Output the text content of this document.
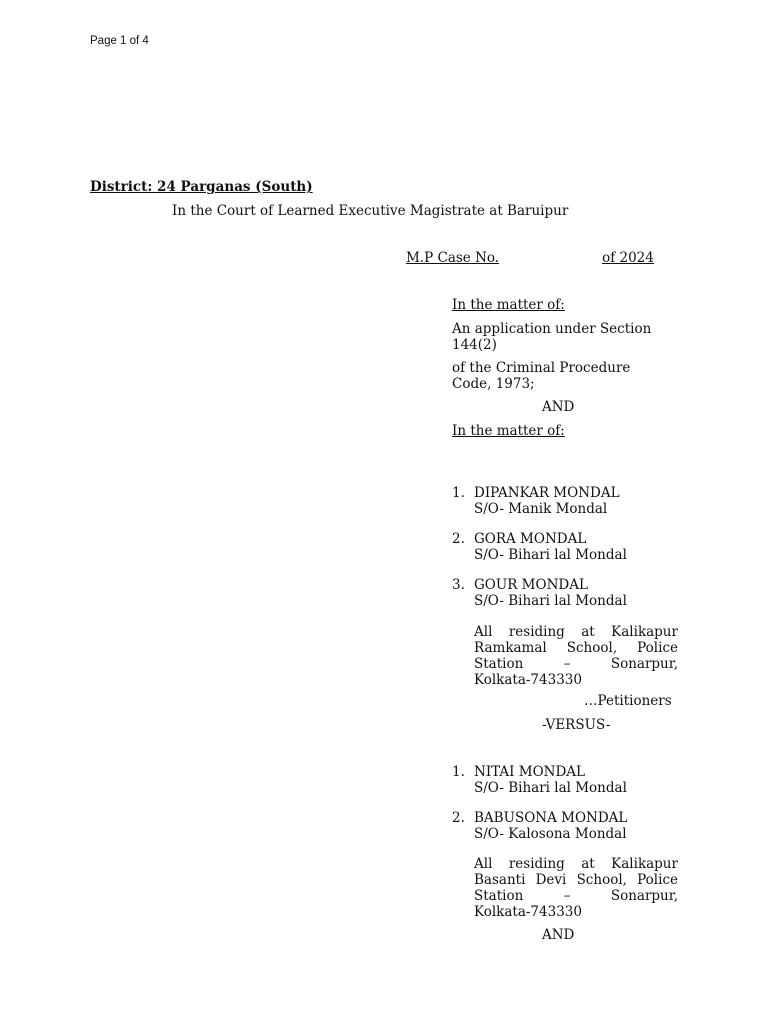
Page 1 of 4
District: 24 Parganas (South)
In the Court of Learned Executive Magistrate at Baruipur
M.P Case No.	of 2024
In the matter of:
An application under Section
144(2)
of the Criminal Procedure
Code, 1973;
AND
In the matter of:
1. DIPANKAR MONDAL
S/O- Manik Mondal
2. GORA MONDAL
S/O- Bihari lal Mondal
3. GOUR MONDAL
S/O- Bihari lal Mondal
All residing at Kalikapur
Ramkamal School, Police
Station	–	Sonarpur,
Kolkata-743330
…Petitioners
-VERSUS-
1. NITAI MONDAL
S/O- Bihari lal Mondal
2. BABUSONA MONDAL
S/O- Kalosona Mondal
All residing at Kalikapur
Basanti Devi School, Police
Station	–	Sonarpur,
Kolkata-743330
AND
